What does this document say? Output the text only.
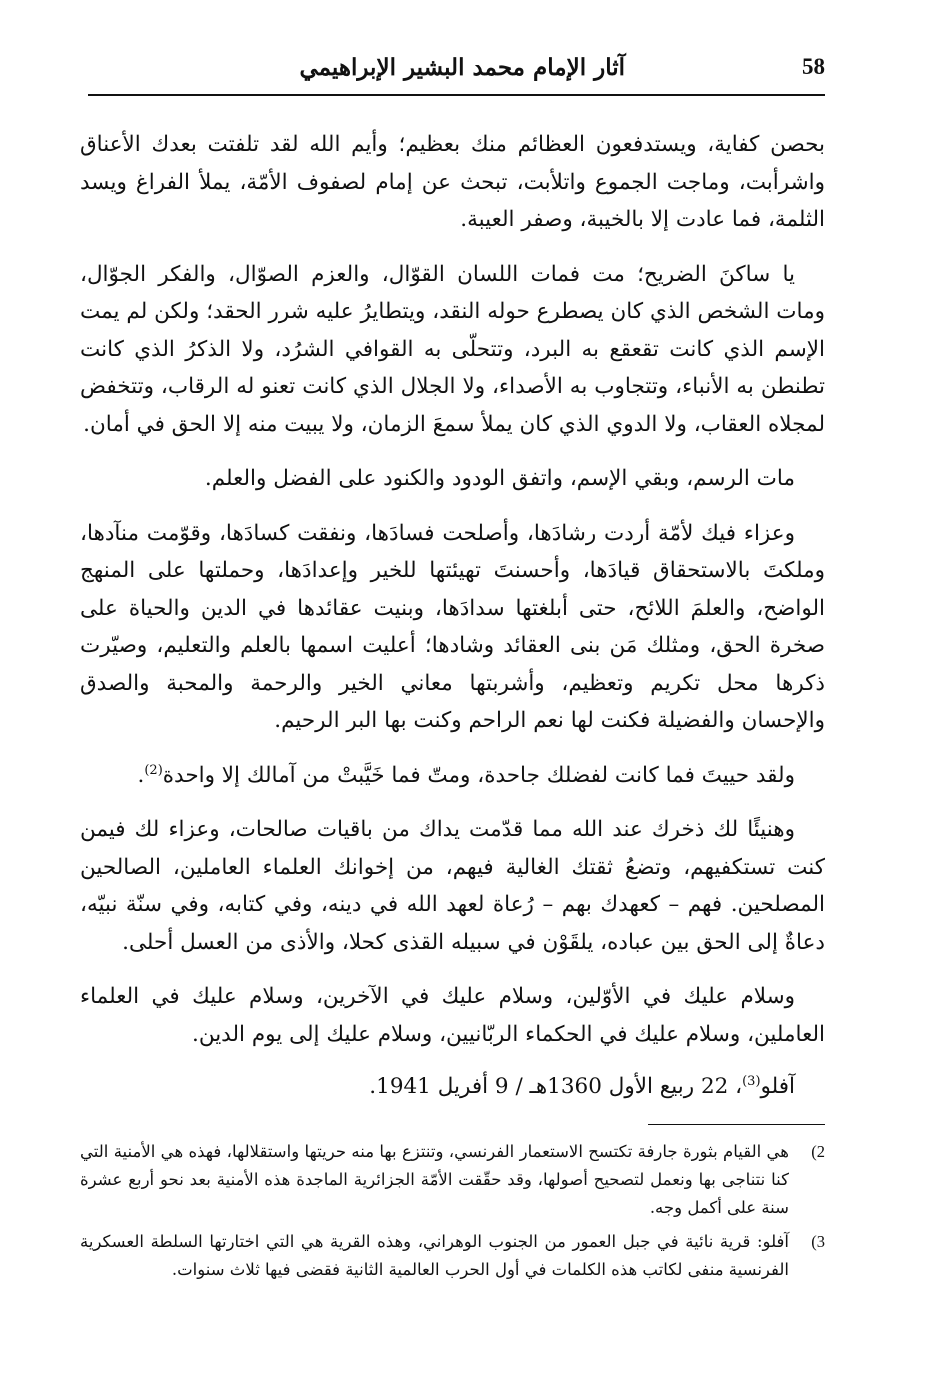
58
آثار الإمام محمد البشير الإبراهيمي

بحصن كفاية، ويستدفعون العظائم منك بعظيم؛ وأيم الله لقد تلفتت بعدك الأعناق واشرأبت، وماجت الجموع واتلأبت، تبحث عن إمام لصفوف الأمّة، يملأ الفراغ ويسد الثلمة، فما عادت إلا بالخيبة، وصفر العيبة.

يا ساكنَ الضريح؛ مت فمات اللسان القوّال، والعزم الصوّال، والفكر الجوّال، ومات الشخص الذي كان يصطرع حوله النقد، ويتطايرُ عليه شرر الحقد؛ ولكن لم يمت الإسم الذي كانت تقعقع به البرد، وتتحلّى به القوافي الشرُد، ولا الذكرُ الذي كانت تطنطن به الأنباء، وتتجاوب به الأصداء، ولا الجلال الذي كانت تعنو له الرقاب، وتتخفض لمجلاه العقاب، ولا الدوي الذي كان يملأ سمعَ الزمان، ولا يبيت منه إلا الحق في أمان.

مات الرسم، وبقي الإسم، واتفق الودود والكنود على الفضل والعلم.

وعزاء فيك لأمّة أردت رشادَها، وأصلحت فسادَها، ونفقت كسادَها، وقوّمت منآدها، وملكتَ بالاستحقاق قيادَها، وأحسنتَ تهيئتها للخير وإعدادَها، وحملتها على المنهج الواضح، والعلمَ اللائح، حتى أبلغتها سدادَها، وبنيت عقائدها في الدين والحياة على صخرة الحق، ومثلك مَن بنى العقائد وشادها؛ أعليت اسمها بالعلم والتعليم، وصيّرت ذكرها محل تكريم وتعظيم، وأشربتها معاني الخير والرحمة والمحبة والصدق والإحسان والفضيلة فكنت لها نعم الراحم وكنت بها البر الرحيم.

ولقد حييتَ فما كانت لفضلك جاحدة، ومتّ فما خَيَّبتْ من آمالك إلا واحدة$^{(2)}$.

وهنيئًا لك ذخرك عند الله مما قدّمت يداك من باقيات صالحات، وعزاء لك فيمن كنت تستكفيهم، وتضعُ ثقتك الغالية فيهم، من إخوانك العلماء العاملين، الصالحين المصلحين. فهم – كعهدك بهم – رُعاة لعهد الله في دينه، وفي كتابه، وفي سنّة نبيّه، دعاةٌ إلى الحق بين عباده، يلقَوْن في سبيله القذى كحلا، والأذى من العسل أحلى.

وسلام عليك في الأوّلين، وسلام عليك في الآخرين، وسلام عليك في العلماء العاملين، وسلام عليك في الحكماء الربّانيين، وسلام عليك إلى يوم الدين.

آفلو$^{(3)}$، 22 ربيع الأول 1360هـ / 9 أفريل 1941.

2)
هي القيام بثورة جارفة تكتسح الاستعمار الفرنسي، وتنتزع بها منه حريتها واستقلالها، فهذه هي الأمنية التي كنا نتناجى بها ونعمل لتصحيح أصولها، وقد حقّقت الأمّة الجزائرية الماجدة هذه الأمنية بعد نحو أربع عشرة سنة على أكمل وجه.
3)
آفلو: قرية نائية في جبل العمور من الجنوب الوهراني، وهذه القرية هي التي اختارتها السلطة العسكرية الفرنسية منفى لكاتب هذه الكلمات في أول الحرب العالمية الثانية فقضى فيها ثلاث سنوات.
